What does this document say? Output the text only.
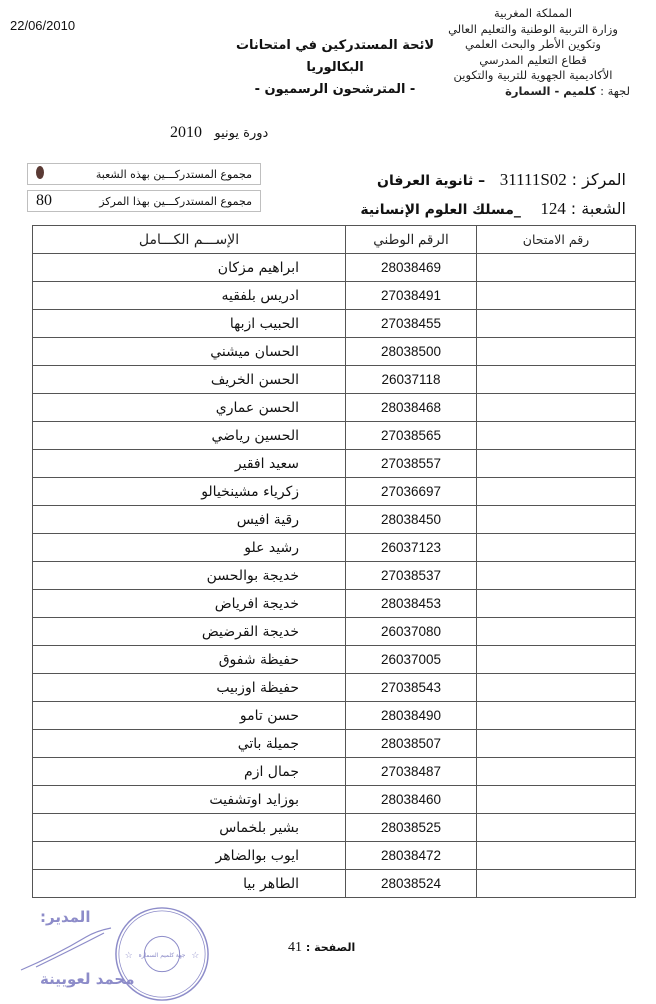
22/06/2010
المملكة المغربية
وزارة التربية الوطنية والتعليم العالي
وتكوين الأطر والبحث العلمي
قطاع التعليم المدرسي
الأكاديمية الجهوية للتربية والتكوين
لجهة : كلميم - السمارة
لائحة المستدركين في امتحانات البكالوريا
- المترشحون الرسميون -
دورة يونيو   2010
مجموع المستدركـــين بهذه الشعبة
مجموع المستدركـــين بهذا المركز
80
المركز : 31111S02   – ثانوية العرفان
الشعبة : 124    _مسلك العلوم الإنسانية
رقم الامتحان	الرقم الوطني	الإســـم الكـــامل
	28038469	ابراهيم مزكان
	27038491	ادريس بلفقيه
	27038455	الحبيب ازبها
	28038500	الحسان ميشني
	26037118	الحسن الخريف
	28038468	الحسن عماري
	27038565	الحسين رياضي
	27038557	سعيد افقير
	27036697	زكرياء مشينخيالو
	28038450	رقية افيس
	26037123	رشيد علو
	27038537	خديجة بوالحسن
	28038453	خديجة افرياض
	26037080	خديجة القرضيض
	26037005	حفيظة شفوق
	27038543	حفيظة اوزبيب
	28038490	حسن تامو
	28038507	جميلة باتي
	27038487	جمال ازم
	28038460	بوزايد اوتشفيت
	28038525	بشير بلخماس
	28038472	ايوب بوالضاهر
	28038524	الطاهر بيا
الصفحة : 41
☆	☆
جهة كلميم السمارة
المدير:
محمد لعويينة
